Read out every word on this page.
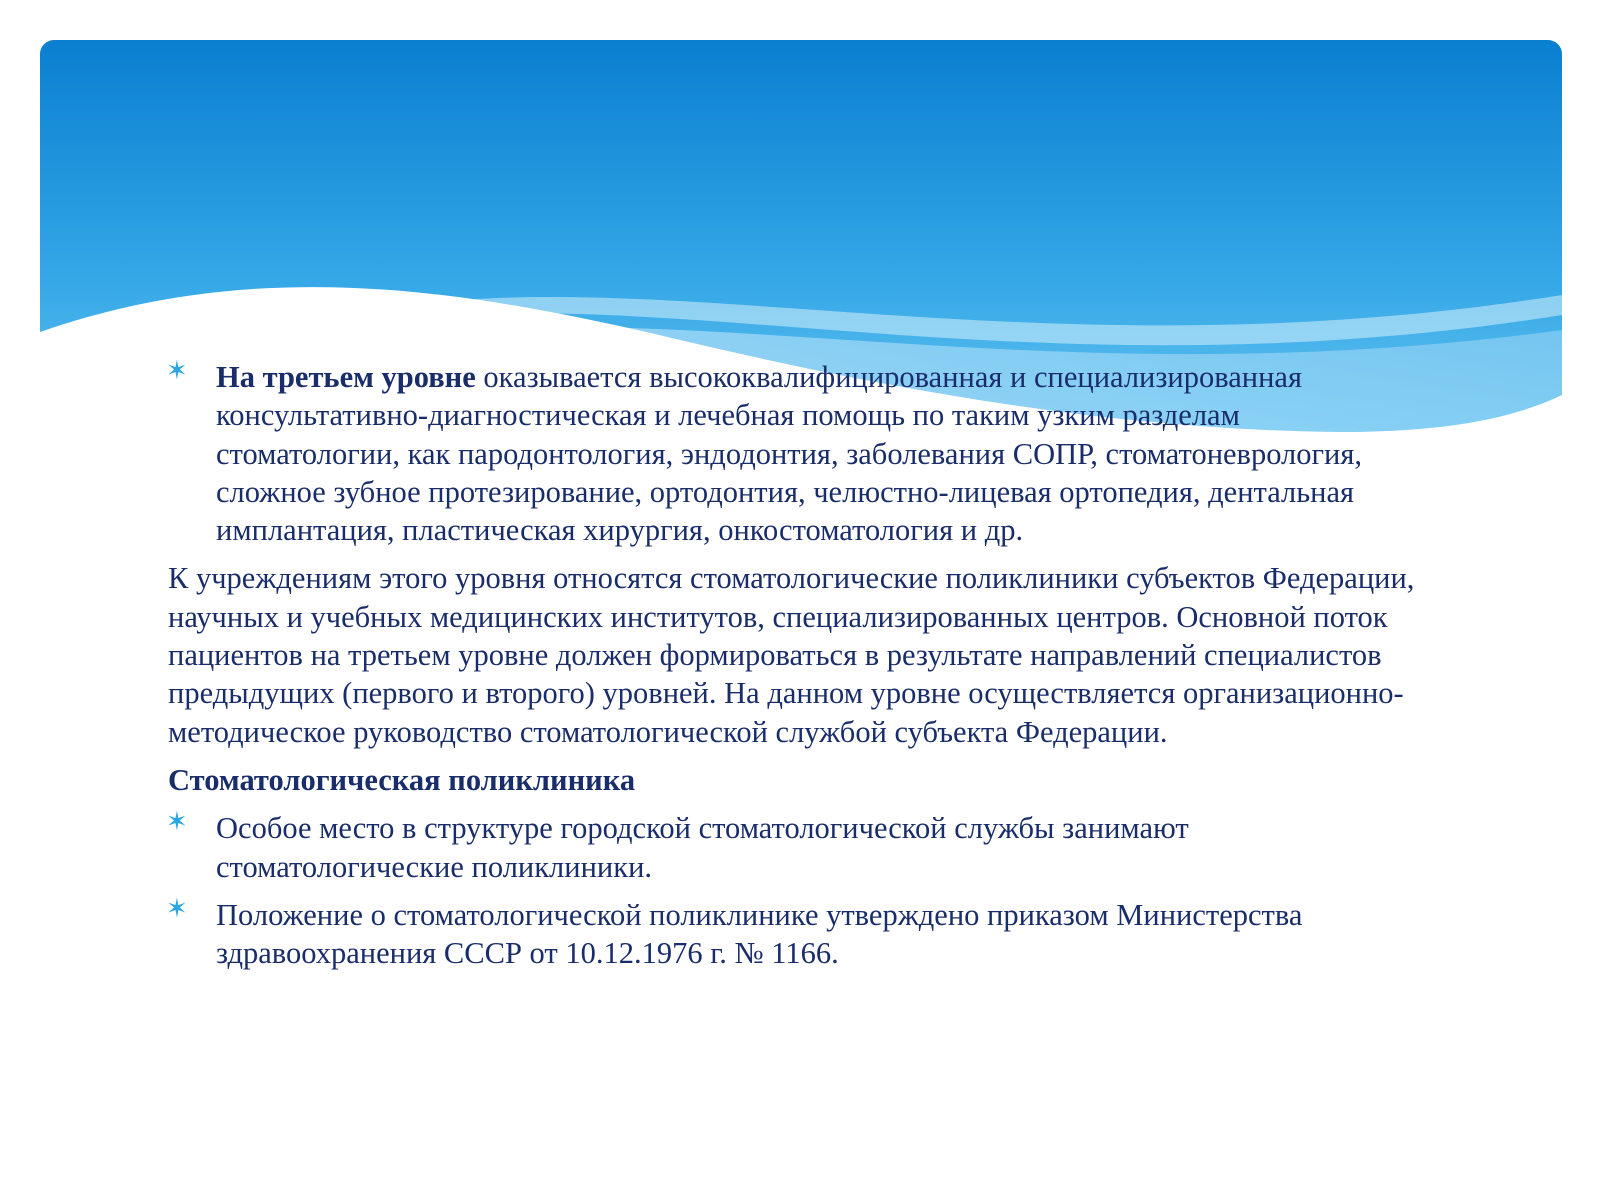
✶ На третьем уровне оказывается высококвалифицированная и специализированная консультативно-диагностическая и лечебная помощь по таким узким разделам стоматологии, как пародонтология, эндодонтия, заболевания СОПР, стоматоневрология, сложное зубное протезирование, ортодонтия, челюстно-лицевая ортопедия, дентальная имплантация, пластическая хирургия, онкостоматология и др.
К учреждениям этого уровня относятся стоматологические поликлиники субъектов Федерации, научных и учебных медицинских институтов, специализированных центров. Основной поток пациентов на третьем уровне должен формироваться в результате направлений специалистов предыдущих (первого и второго) уровней. На данном уровне осуществляется организационно-методическое руководство стоматологической службой субъекта Федерации.
Стоматологическая поликлиника
✶ Особое место в структуре городской стоматологической службы занимают стоматологические поликлиники.
✶ Положение о стоматологической поликлинике утверждено приказом Министерства здравоохранения СССР от 10.12.1976 г. № 1166.
